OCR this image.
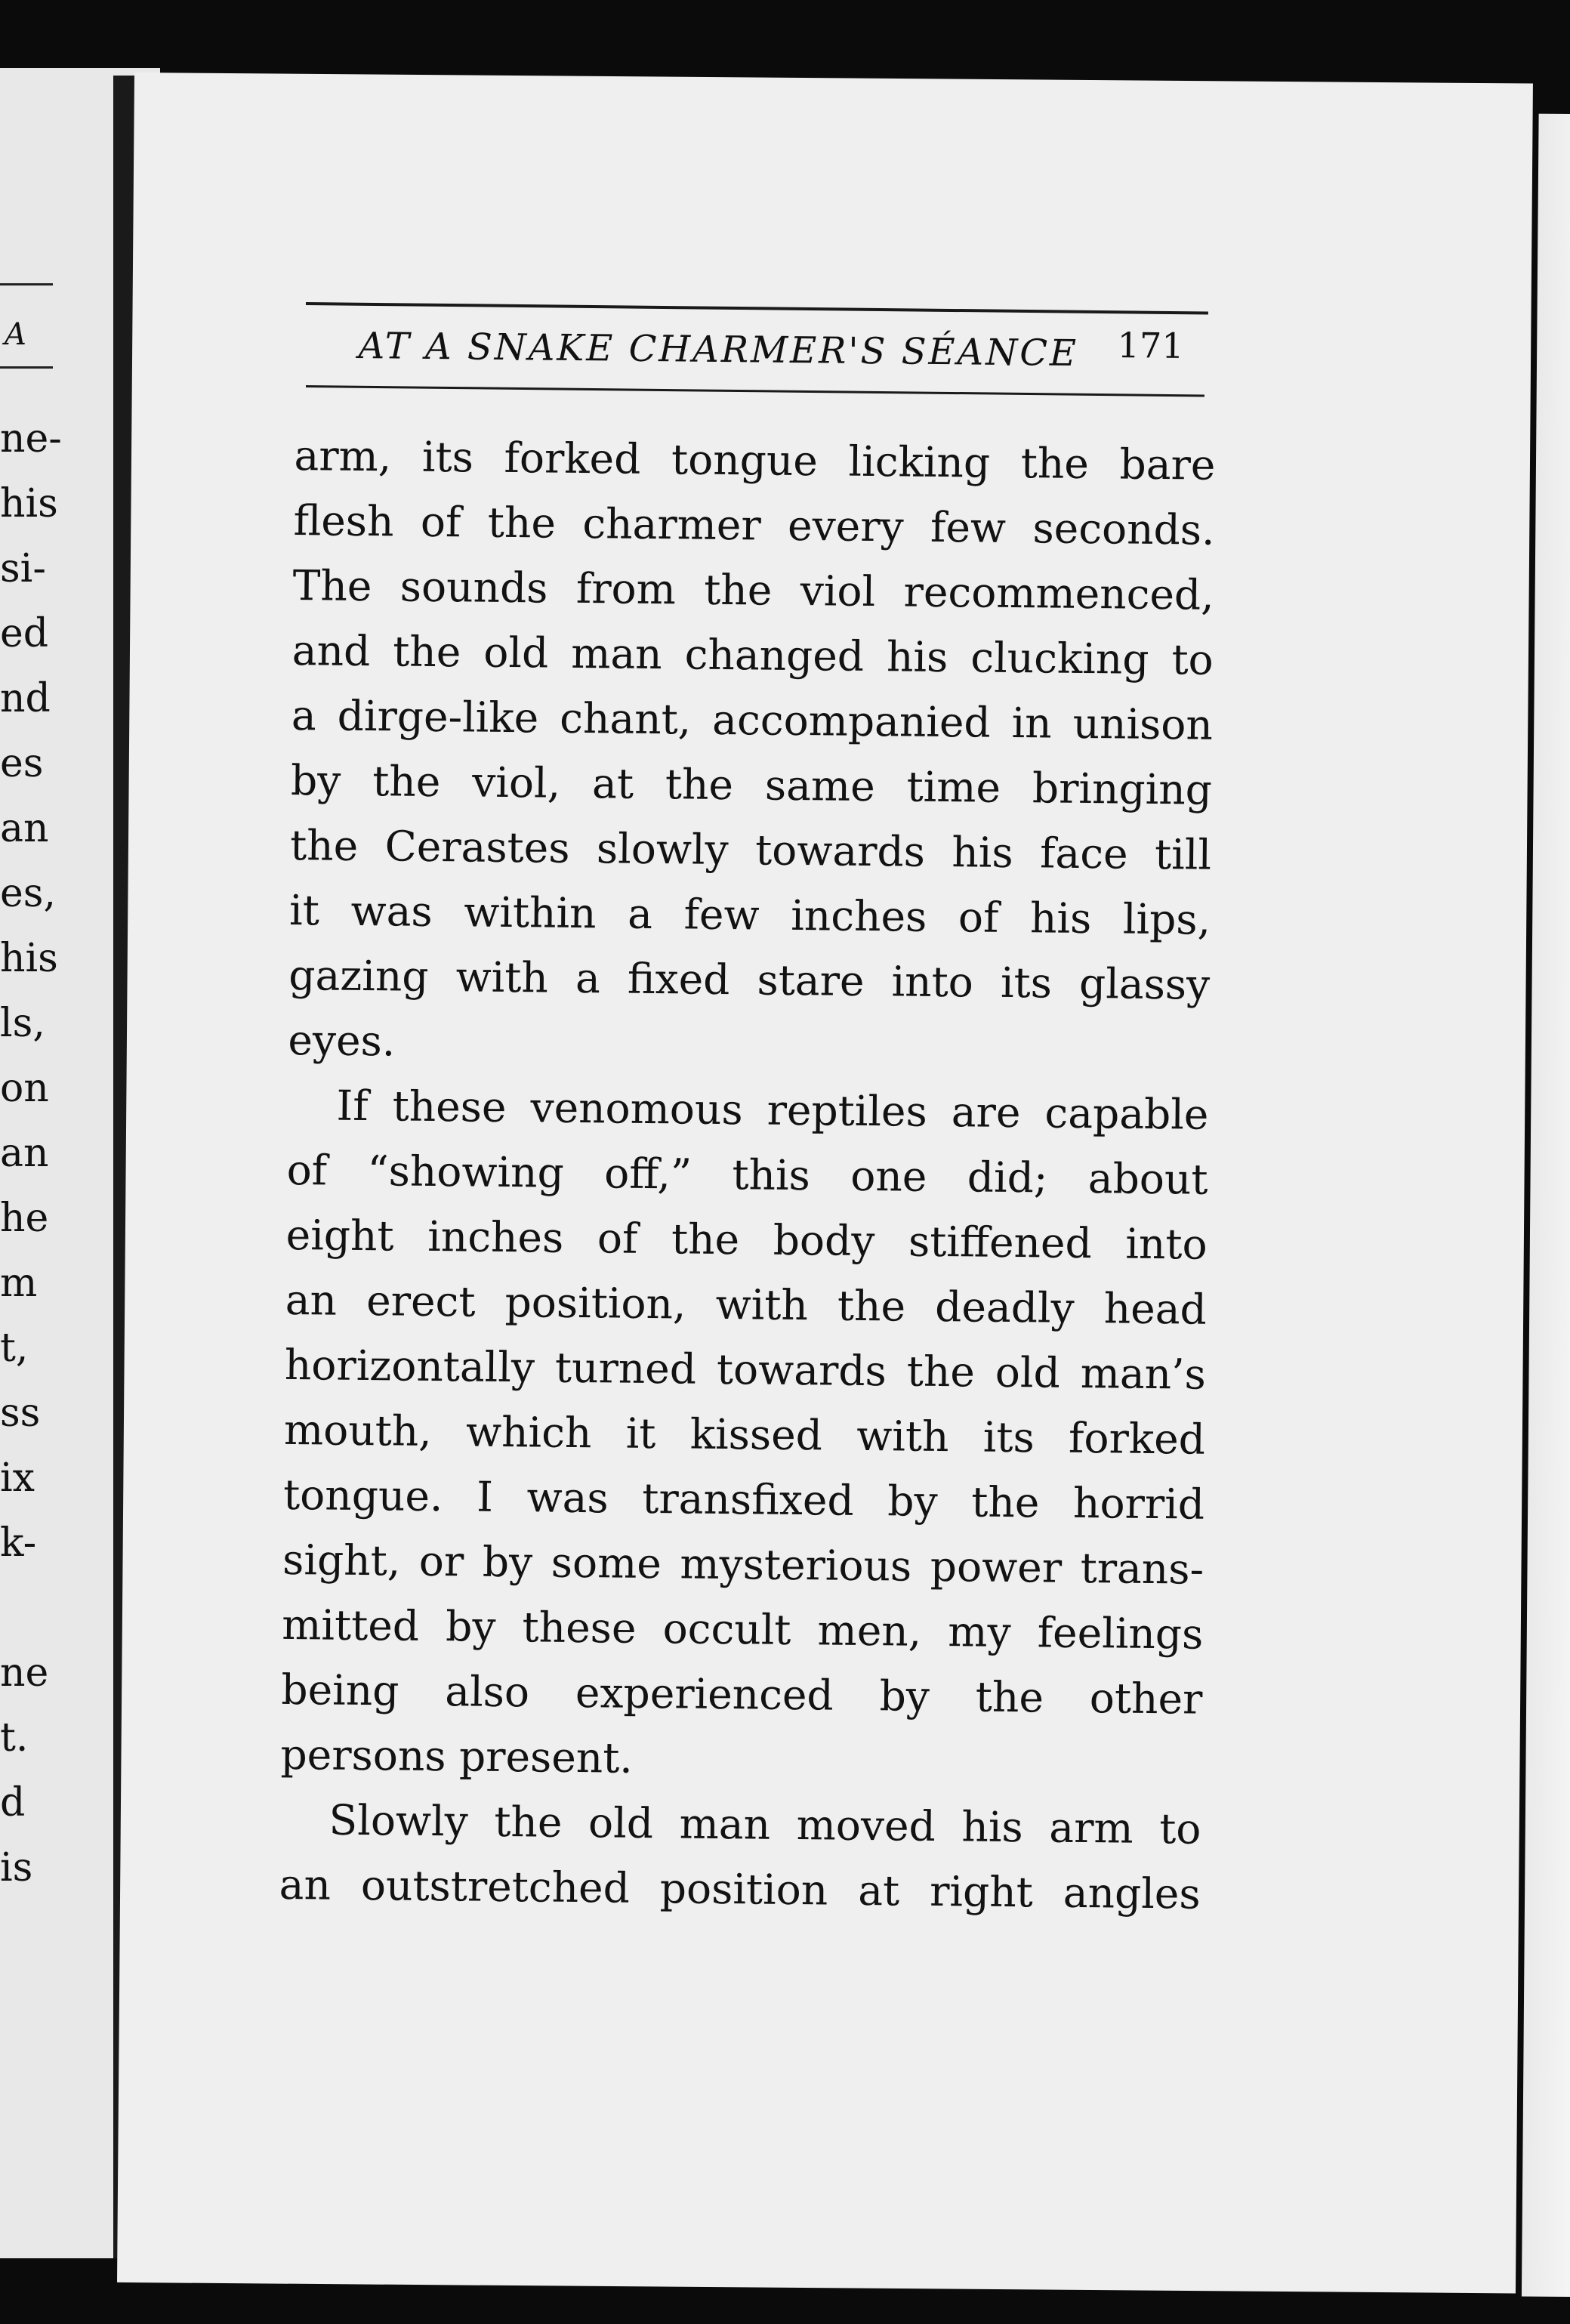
A
ne-
his
si-
ed
nd
es
an
es,
his
ls,
on
an
he
m
t,
ss
ix
k-
ne
t.
d
is
AT A SNAKE CHARMER'S SÉANCE 171
arm, its forked tongue licking the bare
flesh of the charmer every few seconds.
The sounds from the viol recommenced,
and the old man changed his clucking to
a dirge-like chant, accompanied in unison
by the viol, at the same time bringing
the Cerastes slowly towards his face till
it was within a few inches of his lips,
gazing with a fixed stare into its glassy
eyes.
If these venomous reptiles are capable
of “showing off,” this one did; about
eight inches of the body stiffened into
an erect position, with the deadly head
horizontally turned towards the old man’s
mouth, which it kissed with its forked
tongue. I was transfixed by the horrid
sight, or by some mysterious power trans-
mitted by these occult men, my feelings
being also experienced by the other
persons present.
Slowly the old man moved his arm to
an outstretched position at right angles
